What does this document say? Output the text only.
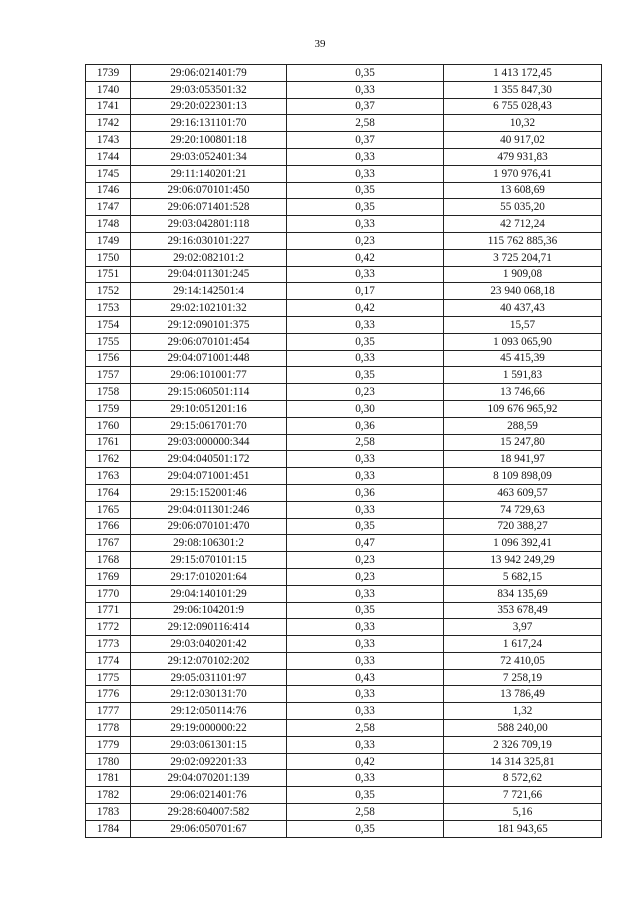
39
1739	29:06:021401:79	0,35	1 413 172,45
1740	29:03:053501:32	0,33	1 355 847,30
1741	29:20:022301:13	0,37	6 755 028,43
1742	29:16:131101:70	2,58	10,32
1743	29:20:100801:18	0,37	40 917,02
1744	29:03:052401:34	0,33	479 931,83
1745	29:11:140201:21	0,33	1 970 976,41
1746	29:06:070101:450	0,35	13 608,69
1747	29:06:071401:528	0,35	55 035,20
1748	29:03:042801:118	0,33	42 712,24
1749	29:16:030101:227	0,23	115 762 885,36
1750	29:02:082101:2	0,42	3 725 204,71
1751	29:04:011301:245	0,33	1 909,08
1752	29:14:142501:4	0,17	23 940 068,18
1753	29:02:102101:32	0,42	40 437,43
1754	29:12:090101:375	0,33	15,57
1755	29:06:070101:454	0,35	1 093 065,90
1756	29:04:071001:448	0,33	45 415,39
1757	29:06:101001:77	0,35	1 591,83
1758	29:15:060501:114	0,23	13 746,66
1759	29:10:051201:16	0,30	109 676 965,92
1760	29:15:061701:70	0,36	288,59
1761	29:03:000000:344	2,58	15 247,80
1762	29:04:040501:172	0,33	18 941,97
1763	29:04:071001:451	0,33	8 109 898,09
1764	29:15:152001:46	0,36	463 609,57
1765	29:04:011301:246	0,33	74 729,63
1766	29:06:070101:470	0,35	720 388,27
1767	29:08:106301:2	0,47	1 096 392,41
1768	29:15:070101:15	0,23	13 942 249,29
1769	29:17:010201:64	0,23	5 682,15
1770	29:04:140101:29	0,33	834 135,69
1771	29:06:104201:9	0,35	353 678,49
1772	29:12:090116:414	0,33	3,97
1773	29:03:040201:42	0,33	1 617,24
1774	29:12:070102:202	0,33	72 410,05
1775	29:05:031101:97	0,43	7 258,19
1776	29:12:030131:70	0,33	13 786,49
1777	29:12:050114:76	0,33	1,32
1778	29:19:000000:22	2,58	588 240,00
1779	29:03:061301:15	0,33	2 326 709,19
1780	29:02:092201:33	0,42	14 314 325,81
1781	29:04:070201:139	0,33	8 572,62
1782	29:06:021401:76	0,35	7 721,66
1783	29:28:604007:582	2,58	5,16
1784	29:06:050701:67	0,35	181 943,65
